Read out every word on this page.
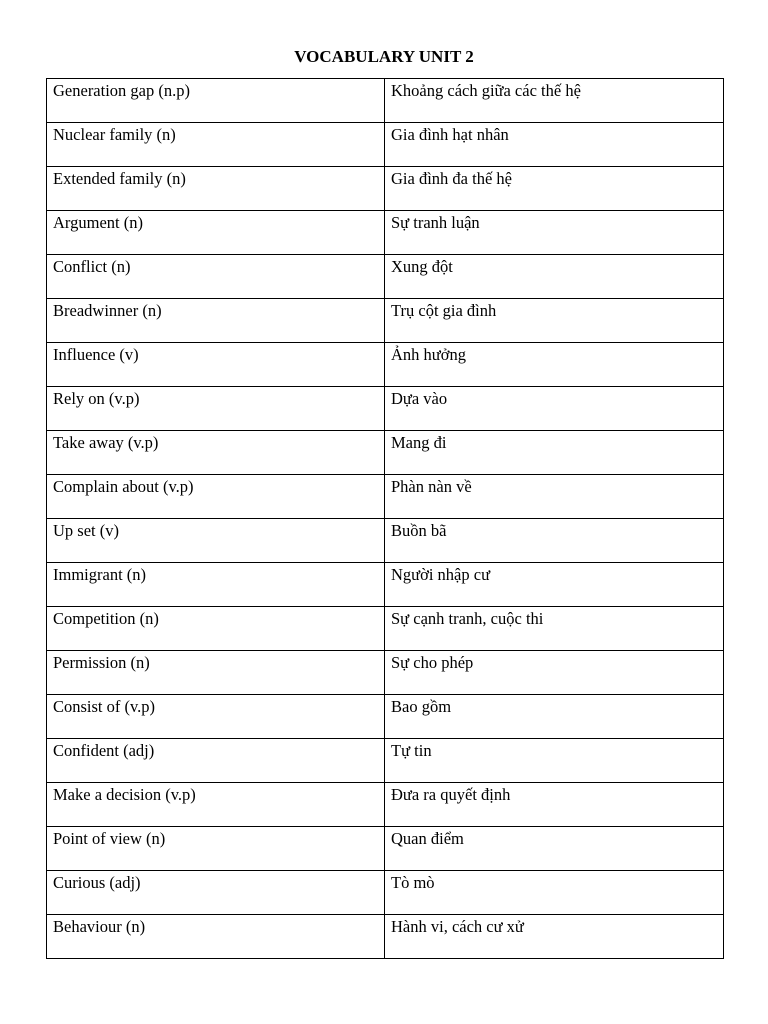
VOCABULARY UNIT 2
Generation gap (n.p)	Khoảng cách giữa các thế hệ
Nuclear family (n)	Gia đình hạt nhân
Extended family (n)	Gia đình đa thế hệ
Argument (n)	Sự tranh luận
Conflict (n)	Xung đột
Breadwinner (n)	Trụ cột gia đình
Influence (v)	Ảnh hưởng
Rely on (v.p)	Dựa vào
Take away (v.p)	Mang đi
Complain about (v.p)	Phàn nàn về
Up set (v)	Buồn bã
Immigrant (n)	Người nhập cư
Competition (n)	Sự cạnh tranh, cuộc thi
Permission (n)	Sự cho phép
Consist of (v.p)	Bao gồm
Confident (adj)	Tự tin
Make a decision (v.p)	Đưa ra quyết định
Point of view (n)	Quan điểm
Curious (adj)	Tò mò
Behaviour (n)	Hành vi, cách cư xử
